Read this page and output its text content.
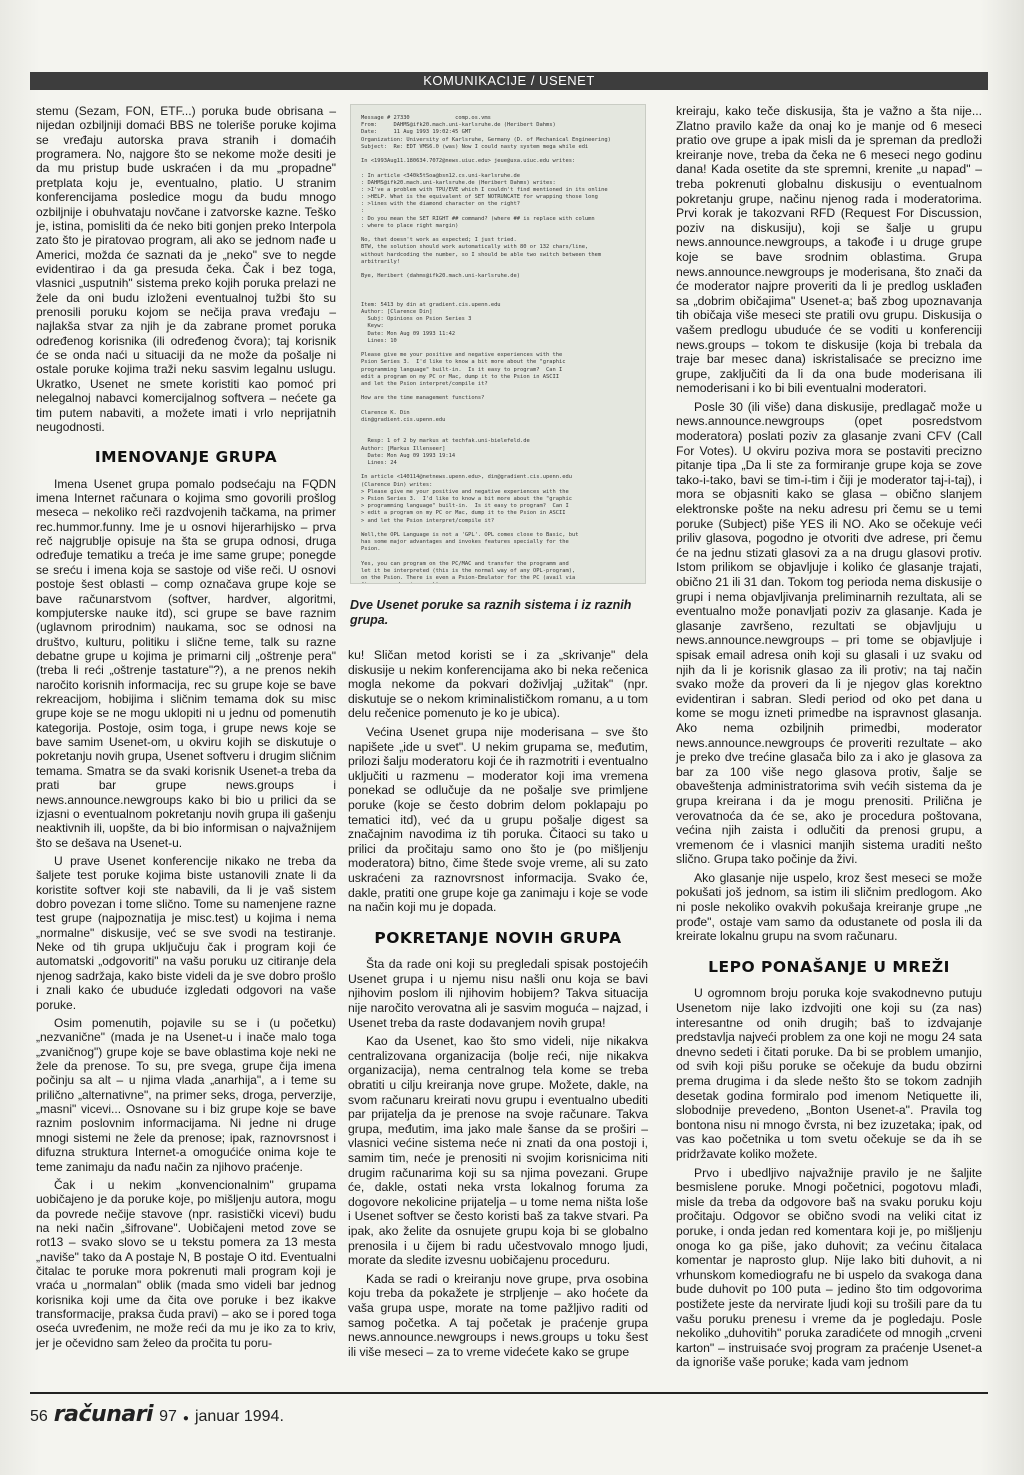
KOMUNIKACIJE / USENET

stemu (Sezam, FON, ETF...) poruka bude obrisana – nijedan ozbiljniji domaći BBS ne toleriše poruke kojima se vređaju autorska prava stranih i domaćih programera. No, najgore što se nekome može desiti je da mu pristup bude uskraćen i da mu „propadne" pretplata koju je, eventualno, platio. U stranim konferencijama posledice mogu da budu mnogo ozbiljnije i obuhvataju novčane i zatvorske kazne. Teško je, istina, pomisliti da će neko biti gonjen preko Interpola zato što je piratovao program, ali ako se jednom nađe u Americi, možda će saznati da je „neko" sve to negde evidentirao i da ga presuda čeka. Čak i bez toga, vlasnici „usputnih" sistema preko kojih poruka prelazi ne žele da oni budu izloženi eventualnoj tužbi što su prenosili poruku kojom se nečija prava vređaju – najlakša stvar za njih je da zabrane promet poruka određenog korisnika (ili određenog čvora); taj korisnik će se onda naći u situaciji da ne može da pošalje ni ostale poruke kojima traži neku sasvim legalnu uslugu. Ukratko, Usenet ne smete koristiti kao pomoć pri nelegalnoj nabavci komercijalnog softvera – nećete ga tim putem nabaviti, a možete imati i vrlo neprijatnih neugodnosti.

IMENOVANJE GRUPA

Imena Usenet grupa pomalo podsećaju na FQDN imena Internet računara o kojima smo govorili prošlog meseca – nekoliko reči razdvojenih tačkama, na primer rec.hummor.funny. Ime je u osnovi hijerarhijsko – prva reč najgrublje opisuje na šta se grupa odnosi, druga određuje tematiku a treća je ime same grupe; ponegde se sreću i imena koja se sastoje od više reči. U osnovi postoje šest oblasti – comp označava grupe koje se bave računarstvom (softver, hardver, algoritmi, kompjuterske nauke itd), sci grupe se bave raznim (uglavnom prirodnim) naukama, soc se odnosi na društvo, kulturu, politiku i slične teme, talk su razne debatne grupe u kojima je primarni cilj „oštrenje pera" (treba li reći „oštrenje tastature"?), a ne prenos nekih naročito korisnih informacija, rec su grupe koje se bave rekreacijom, hobijima i sličnim temama dok su misc grupe koje se ne mogu uklopiti ni u jednu od pomenutih kategorija. Postoje, osim toga, i grupe news koje se bave samim Usenet-om, u okviru kojih se diskutuje o pokretanju novih grupa, Usenet softveru i drugim sličnim temama. Smatra se da svaki korisnik Usenet-a treba da prati bar grupe news.groups i news.announce.newgroups kako bi bio u prilici da se izjasni o eventualnom pokretanju novih grupa ili gašenju neaktivnih ili, uopšte, da bi bio informisan o najvažnijem što se dešava na Usenet-u.

U prave Usenet konferencije nikako ne treba da šaljete test poruke kojima biste ustanovili znate li da koristite softver koji ste nabavili, da li je vaš sistem dobro povezan i tome slično. Tome su namenjene razne test grupe (najpoznatija je misc.test) u kojima i nema „normalne" diskusije, već se sve svodi na testiranje. Neke od tih grupa uključuju čak i program koji će automatski „odgovoriti" na vašu poruku uz citiranje dela njenog sadržaja, kako biste videli da je sve dobro prošlo i znali kako će ubuduće izgledati odgovori na vaše poruke.

Osim pomenutih, pojavile su se i (u početku) „nezvanične" (mada je na Usenet-u i inače malo toga „zvaničnog") grupe koje se bave oblastima koje neki ne žele da prenose. To su, pre svega, grupe čija imena počinju sa alt – u njima vlada „anarhija", a i teme su prilično „alternativne", na primer seks, droga, perverzije, „masni" vicevi... Osnovane su i biz grupe koje se bave raznim poslovnim informacijama. Ni jedne ni druge mnogi sistemi ne žele da prenose; ipak, raznovrsnost i difuzna struktura Internet-a omogućiće onima koje te teme zanimaju da nađu način za njihovo praćenje.

Čak i u nekim „konvencionalnim" grupama uobičajeno je da poruke koje, po mišljenju autora, mogu da povrede nečije stavove (npr. rasistički vicevi) budu na neki način „šifrovane". Uobičajeni metod zove se rot13 – svako slovo se u tekstu pomera za 13 mesta „naviše" tako da A postaje N, B postaje O itd. Eventualni čitalac te poruke mora pokrenuti mali program koji je vraća u „normalan" oblik (mada smo videli bar jednog korisnika koji ume da čita ove poruke i bez ikakve transformacije, praksa čuda pravi) – ako se i pored toga oseća uvređenim, ne može reći da mu je iko za to kriv, jer je očevidno sam želeo da pročita tu poru-

Message # 27330              comp.os.vms
From:     DAHMS@ifk20.mach.uni-karlsruhe.de (Heribert Dahms)
Date:     11 Aug 1993 19:02:45 GMT
Organization: University of Karlsruhe, Germany (D. of Mechanical Engineering)
Subject:  Re: EDT VMS6.0 (was) Now I could nasty system mega while edi
In <1993Aug11.180634.7072@news.uiuc.edu> jeue@uxa.uiuc.edu writes:
: In article <340k5tSoa@bsn12.cs.uni-karlsruhe.de
: DAHMS@ifk20.mach.uni-karlsruhe.de (Heribert Dahms) writes:
: >I've a problem with TPU/EVE which I couldn't find mentioned in its online
: >HELP. What is the equivalent of SET NOTRUNCATE for wrapping those long
: >lines with the diamond character on the right?
:
: Do you mean the SET RIGHT ## command? (where ## is replace with column
: where to place right margin)
No, that doesn't work as expected; I just tried.
BTW, the solution should work automatically with 80 or 132 chars/line,
without hardcoding the number, so I should be able two switch between them
arbitrarily!
Bye, Heribert (dahms@ifk20.mach.uni-karlsruhe.de)
Item: 5413 by din at gradient.cis.upenn.edu
Author: [Clarence Din]
Subj: Opinions on Psion Series 3
Keyw:
Date: Mon Aug 09 1993 11:42
Lines: 10
Please give me your positive and negative experiences with the
Psion Series 3.  I'd like to know a bit more about the "graphic
programming language" built-in.  Is it easy to program?  Can I
edit a program on my PC or Mac, dump it to the Psion in ASCII
and let the Psion interpret/compile it?
How are the time management functions?
Clarence K. Din
din@gradient.cis.upenn.edu
Resp: 1 of 2 by markus at techfak.uni-bielefeld.de
Author: [Markus Illenseer]
Date: Mon Aug 09 1993 19:14
Lines: 24
In article <140114@netnews.upenn.edu>, din@gradient.cis.upenn.edu
(Clarence Din) writes:
> Please give me your positive and negative experiences with the
> Psion Series 3.  I'd like to know a bit more about the "graphic
> programming language" built-in.  Is it easy to program?  Can I
> edit a program on my PC or Mac, dump it to the Psion in ASCII
> and let the Psion interpret/compile it?
Well,the OPL Language is not a 'GPL'. OPL comes close to Basic, but
has some major advantages and invokes features specially for the
Psion.
Yes, you can program on the PC/MAC and transfer the programm and
let it be interpreted (this is the normal way of any OPL-program),
on the Psion. There is even a Psion-Emulator for the PC (avail via
Dve Usenet poruke sa raznih sistema i iz raznih grupa.

ku! Sličan metod koristi se i za „skrivanje" dela diskusije u nekim konferencijama ako bi neka rečenica mogla nekome da pokvari doživljaj „užitak" (npr. diskutuje se o nekom kriminalističkom romanu, a u tom delu rečenice pomenuto je ko je ubica).

Većina Usenet grupa nije moderisana – sve što napišete „ide u svet". U nekim grupama se, međutim, prilozi šalju moderatoru koji će ih razmotriti i eventualno uključiti u razmenu – moderator koji ima vremena ponekad se odlučuje da ne pošalje sve primljene poruke (koje se često dobrim delom poklapaju po tematici itd), već da u grupu pošalje digest sa značajnim navodima iz tih poruka. Čitaoci su tako u prilici da pročitaju samo ono što je (po mišljenju moderatora) bitno, čime štede svoje vreme, ali su zato uskraćeni za raznovrsnost informacija. Svako će, dakle, pratiti one grupe koje ga zanimaju i koje se vode na način koji mu je dopada.

POKRETANJE NOVIH GRUPA

Šta da rade oni koji su pregledali spisak postojećih Usenet grupa i u njemu nisu našli onu koja se bavi njihovim poslom ili njihovim hobijem? Takva situacija nije naročito verovatna ali je sasvim moguća – najzad, i Usenet treba da raste dodavanjem novih grupa!

Kao da Usenet, kao što smo videli, nije nikakva centralizovana organizacija (bolje reći, nije nikakva organizacija), nema centralnog tela kome se treba obratiti u cilju kreiranja nove grupe. Možete, dakle, na svom računaru kreirati novu grupu i eventualno ubediti par prijatelja da je prenose na svoje računare. Takva grupa, međutim, ima jako male šanse da se proširi – vlasnici većine sistema neće ni znati da ona postoji i, samim tim, neće je prenositi ni svojim korisnicima niti drugim računarima koji su sa njima povezani. Grupe će, dakle, ostati neka vrsta lokalnog foruma za dogovore nekolicine prijatelja – u tome nema ništa loše i Usenet softver se često koristi baš za takve stvari. Pa ipak, ako želite da osnujete grupu koja bi se globalno prenosila i u čijem bi radu učestvovalo mnogo ljudi, morate da sledite izvesnu uobičajenu proceduru.

Kada se radi o kreiranju nove grupe, prva osobina koju treba da pokažete je strpljenje – ako hoćete da vaša grupa uspe, morate na tome pažljivo raditi od samog početka. A taj početak je praćenje grupa news.announce.newgroups i news.groups u toku šest ili više meseci – za to vreme videćete kako se grupe

kreiraju, kako teče diskusija, šta je važno a šta nije... Zlatno pravilo kaže da onaj ko je manje od 6 meseci pratio ove grupe a ipak misli da je spreman da predloži kreiranje nove, treba da čeka ne 6 meseci nego godinu dana! Kada osetite da ste spremni, krenite „u napad" – treba pokrenuti globalnu diskusiju o eventualnom pokretanju grupe, načinu njenog rada i moderatorima. Prvi korak je takozvani RFD (Request For Discussion, poziv na diskusiju), koji se šalje u grupu news.announce.newgroups, a takođe i u druge grupe koje se bave srodnim oblastima. Grupa news.announce.newgroups je moderisana, što znači da će moderator najpre proveriti da li je predlog usklađen sa „dobrim običajima" Usenet-a; baš zbog upoznavanja tih običaja više meseci ste pratili ovu grupu. Diskusija o vašem predlogu ubuduće će se voditi u konferenciji news.groups – tokom te diskusije (koja bi trebala da traje bar mesec dana) iskristalisaće se precizno ime grupe, zaključiti da li da ona bude moderisana ili nemoderisani i ko bi bili eventualni moderatori.

Posle 30 (ili više) dana diskusije, predlagač može u news.announce.newgroups (opet posredstvom moderatora) poslati poziv za glasanje zvani CFV (Call For Votes). U okviru poziva mora se postaviti precizno pitanje tipa „Da li ste za formiranje grupe koja se zove tako-i-tako, bavi se tim-i-tim i čiji je moderator taj-i-taj), i mora se objasniti kako se glasa – obično slanjem elektronske pošte na neku adresu pri čemu se u temi poruke (Subject) piše YES ili NO. Ako se očekuje veći priliv glasova, pogodno je otvoriti dve adrese, pri čemu će na jednu stizati glasovi za a na drugu glasovi protiv. Istom prilikom se objavljuje i koliko će glasanje trajati, obično 21 ili 31 dan. Tokom tog perioda nema diskusije o grupi i nema objavljivanja preliminarnih rezultata, ali se eventualno može ponavljati poziv za glasanje. Kada je glasanje završeno, rezultati se objavljuju u news.announce.newgroups – pri tome se objavljuje i spisak email adresa onih koji su glasali i uz svaku od njih da li je korisnik glasao za ili protiv; na taj način svako može da proveri da li je njegov glas korektno evidentiran i sabran. Sledi period od oko pet dana u kome se mogu izneti primedbe na ispravnost glasanja. Ako nema ozbiljnih primedbi, moderator news.announce.newgroups će proveriti rezultate – ako je preko dve trećine glasača bilo za i ako je glasova za bar za 100 više nego glasova protiv, šalje se obaveštenja administratorima svih većih sistema da je grupa kreirana i da je mogu prenositi. Prilična je verovatnoća da će se, ako je procedura poštovana, većina njih zaista i odlučiti da prenosi grupu, a vremenom će i vlasnici manjih sistema uraditi nešto slično. Grupa tako počinje da živi.

Ako glasanje nije uspelo, kroz šest meseci se može pokušati još jednom, sa istim ili sličnim predlogom. Ako ni posle nekoliko ovakvih pokušaja kreiranje grupe „ne prođe", ostaje vam samo da odustanete od posla ili da kreirate lokalnu grupu na svom računaru.

LEPO PONAŠANJE U MREŽI

U ogromnom broju poruka koje svakodnevno putuju Usenetom nije lako izdvojiti one koji su (za nas) interesantne od onih drugih; baš to izdvajanje predstavlja najveći problem za one koji ne mogu 24 sata dnevno sedeti i čitati poruke. Da bi se problem umanjio, od svih koji pišu poruke se očekuje da budu obzirni prema drugima i da slede nešto što se tokom zadnjih desetak godina formiralo pod imenom Netiquette ili, slobodnije prevedeno, „Bonton Usenet-a". Pravila tog bontona nisu ni mnogo čvrsta, ni bez izuzetaka; ipak, od vas kao početnika u tom svetu očekuje se da ih se pridržavate koliko možete.

Prvo i ubedljivo najvažnije pravilo je ne šaljite besmislene poruke. Mnogi početnici, pogotovu mlađi, misle da treba da odgovore baš na svaku poruku koju pročitaju. Odgovor se obično svodi na veliki citat iz poruke, i onda jedan red komentara koji je, po mišljenju onoga ko ga piše, jako duhovit; za većinu čitalaca komentar je naprosto glup. Nije lako biti duhovit, a ni vrhunskom komediografu ne bi uspelo da svakoga dana bude duhovit po 100 puta – jedino što tim odgovorima postižete jeste da nervirate ljudi koji su trošili pare da tu vašu poruku prenesu i vreme da je pogledaju. Posle nekoliko „duhovitih" poruka zaradićete od mnogih „crveni karton" – instruisaće svoj program za praćenje Usenet-a da ignoriše vaše poruke; kada vam jednom

56 računari 97 ● januar 1994.
